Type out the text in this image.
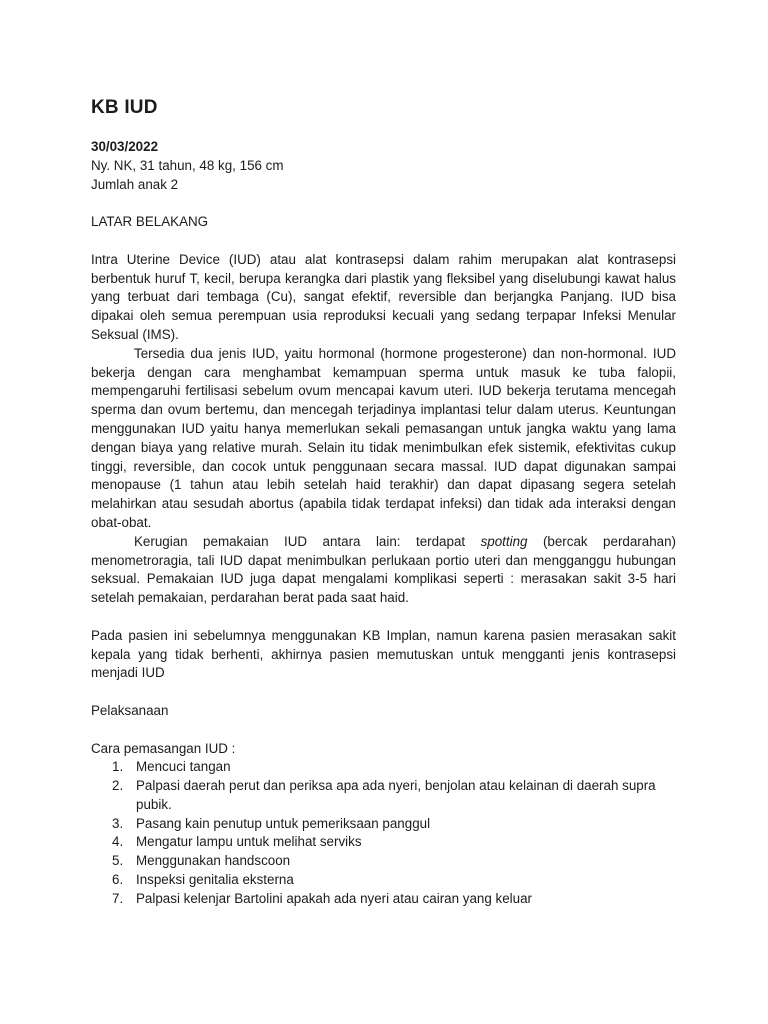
KB IUD

30/03/2022

Ny. NK, 31 tahun, 48 kg, 156 cm

Jumlah anak 2

LATAR BELAKANG

Intra Uterine Device (IUD) atau alat kontrasepsi dalam rahim merupakan alat kontrasepsi berbentuk huruf T, kecil, berupa kerangka dari plastik yang fleksibel yang diselubungi kawat halus yang terbuat dari tembaga (Cu), sangat efektif, reversible dan berjangka Panjang. IUD bisa dipakai oleh semua perempuan usia reproduksi kecuali yang sedang terpapar Infeksi Menular Seksual (IMS).

Tersedia dua jenis IUD, yaitu hormonal (hormone progesterone) dan non-hormonal. IUD bekerja dengan cara menghambat kemampuan sperma untuk masuk ke tuba falopii, mempengaruhi fertilisasi sebelum ovum mencapai kavum uteri. IUD bekerja terutama mencegah sperma dan ovum bertemu, dan mencegah terjadinya implantasi telur dalam uterus. Keuntungan menggunakan IUD yaitu hanya memerlukan sekali pemasangan untuk jangka waktu yang lama dengan biaya yang relative murah. Selain itu tidak menimbulkan efek sistemik, efektivitas cukup tinggi, reversible, dan cocok untuk penggunaan secara massal. IUD dapat digunakan sampai menopause (1 tahun atau lebih setelah haid terakhir) dan dapat dipasang segera setelah melahirkan atau sesudah abortus (apabila tidak terdapat infeksi) dan tidak ada interaksi dengan obat-obat.

Kerugian pemakaian IUD antara lain: terdapat spotting (bercak perdarahan) menometroragia, tali IUD dapat menimbulkan perlukaan portio uteri dan mengganggu hubungan seksual. Pemakaian IUD juga dapat mengalami komplikasi seperti : merasakan sakit 3-5 hari setelah pemakaian, perdarahan berat pada saat haid.

Pada pasien ini sebelumnya menggunakan KB Implan, namun karena pasien merasakan sakit kepala yang tidak berhenti, akhirnya pasien memutuskan untuk mengganti jenis kontrasepsi menjadi IUD

Pelaksanaan

Cara pemasangan IUD :

1. Mencuci tangan
2. Palpasi daerah perut dan periksa apa ada nyeri, benjolan atau kelainan di daerah supra pubik.
3. Pasang kain penutup untuk pemeriksaan panggul
4. Mengatur lampu untuk melihat serviks
5. Menggunakan handscoon
6. Inspeksi genitalia eksterna
7. Palpasi kelenjar Bartolini apakah ada nyeri atau cairan yang keluar
